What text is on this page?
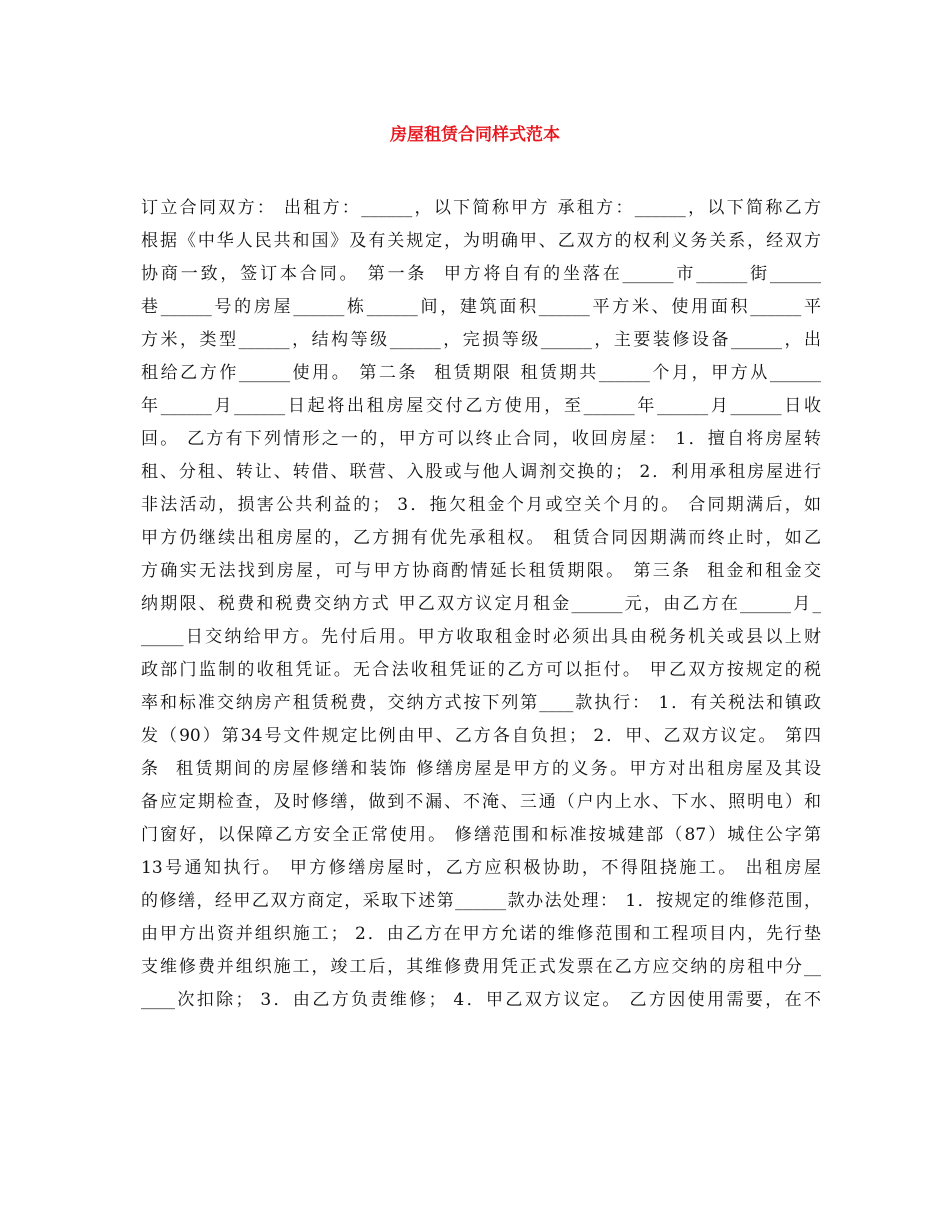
房屋租赁合同样式范本
订立合同双方： 出租方：______，以下简称甲方 承租方：______，以下简称乙方
根据《中华人民共和国》及有关规定，为明确甲、乙双方的权利义务关系，经双方
协商一致，签订本合同。 第一条  甲方将自有的坐落在______市______街______
巷______号的房屋______栋______间，建筑面积______平方米、使用面积______平
方米，类型______，结构等级______，完损等级______，主要装修设备______，出
租给乙方作______使用。 第二条  租赁期限 租赁期共______个月，甲方从______
年______月______日起将出租房屋交付乙方使用，至______年______月______日收
回。 乙方有下列情形之一的，甲方可以终止合同，收回房屋： 1．擅自将房屋转
租、分租、转让、转借、联营、入股或与他人调剂交换的； 2．利用承租房屋进行
非法活动，损害公共利益的； 3．拖欠租金个月或空关个月的。 合同期满后，如
甲方仍继续出租房屋的，乙方拥有优先承租权。 租赁合同因期满而终止时，如乙
方确实无法找到房屋，可与甲方协商酌情延长租赁期限。 第三条  租金和租金交
纳期限、税费和税费交纳方式 甲乙双方议定月租金______元，由乙方在______月_
_____日交纳给甲方。先付后用。甲方收取租金时必须出具由税务机关或县以上财
政部门监制的收租凭证。无合法收租凭证的乙方可以拒付。 甲乙双方按规定的税
率和标准交纳房产租赁税费，交纳方式按下列第____款执行： 1．有关税法和镇政
发（90）第34号文件规定比例由甲、乙方各自负担； 2．甲、乙双方议定。 第四
条  租赁期间的房屋修缮和装饰 修缮房屋是甲方的义务。甲方对出租房屋及其设
备应定期检查，及时修缮，做到不漏、不淹、三通（户内上水、下水、照明电）和
门窗好，以保障乙方安全正常使用。 修缮范围和标准按城建部（87）城住公字第
13号通知执行。 甲方修缮房屋时，乙方应积极协助，不得阻挠施工。 出租房屋
的修缮，经甲乙双方商定，采取下述第______款办法处理： 1．按规定的维修范围，
由甲方出资并组织施工； 2．由乙方在甲方允诺的维修范围和工程项目内，先行垫
支维修费并组织施工，竣工后，其维修费用凭正式发票在乙方应交纳的房租中分__
____次扣除； 3．由乙方负责维修； 4．甲乙双方议定。 乙方因使用需要，在不
